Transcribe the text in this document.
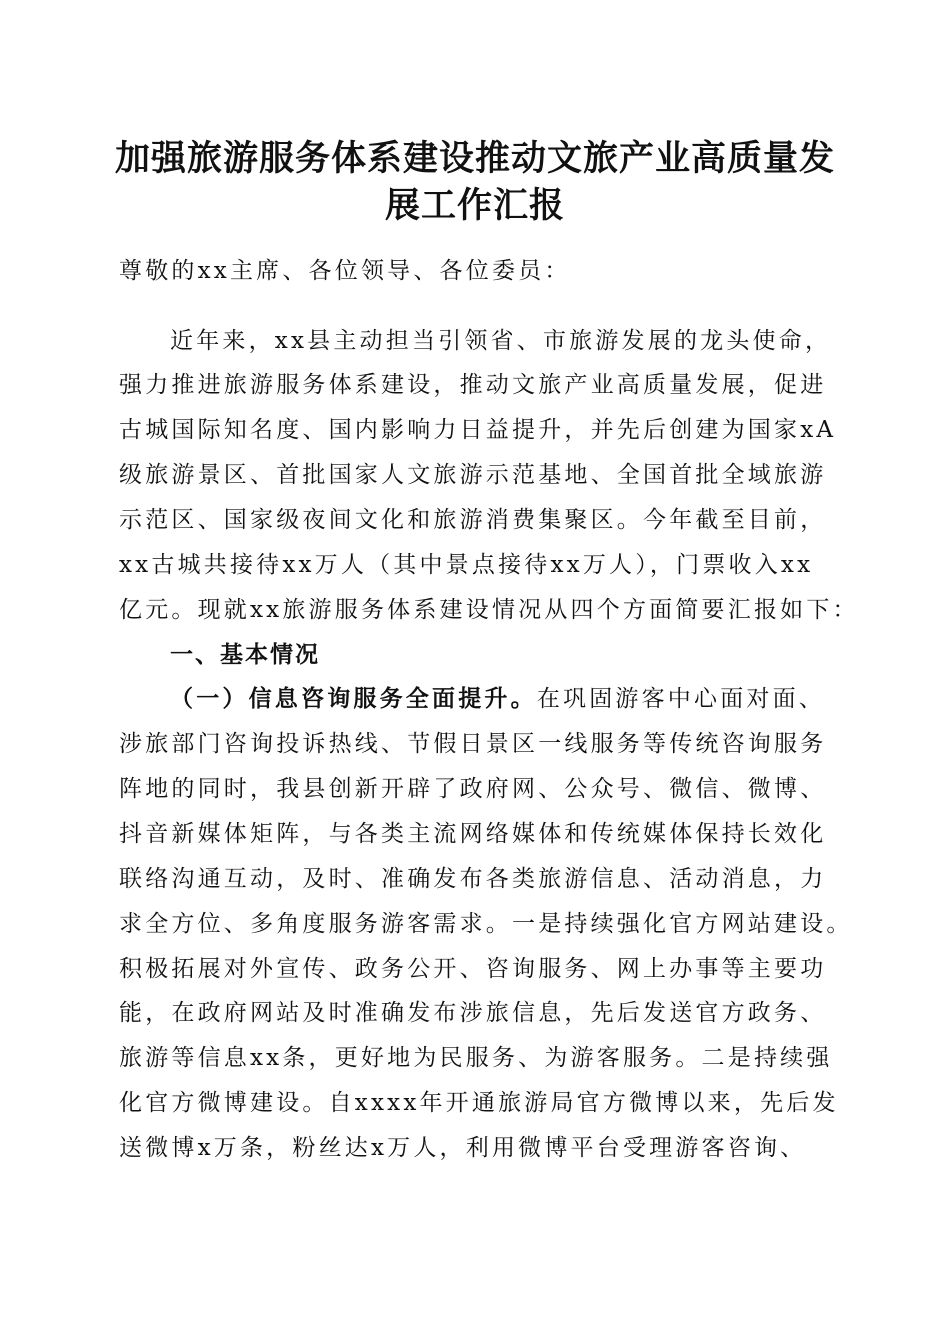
加强旅游服务体系建设推动文旅产业高质量发
展工作汇报

尊敬的xx主席、各位领导、各位委员：

近年来，xx县主动担当引领省、市旅游发展的龙头使命，

强力推进旅游服务体系建设，推动文旅产业高质量发展，促进

古城国际知名度、国内影响力日益提升，并先后创建为国家xA

级旅游景区、首批国家人文旅游示范基地、全国首批全域旅游

示范区、国家级夜间文化和旅游消费集聚区。今年截至目前，

xx古城共接待xx万人（其中景点接待xx万人），门票收入xx

亿元。现就xx旅游服务体系建设情况从四个方面简要汇报如下：

一、基本情况

（一）信息咨询服务全面提升。在巩固游客中心面对面、

涉旅部门咨询投诉热线、节假日景区一线服务等传统咨询服务

阵地的同时，我县创新开辟了政府网、公众号、微信、微博、

抖音新媒体矩阵，与各类主流网络媒体和传统媒体保持长效化

联络沟通互动，及时、准确发布各类旅游信息、活动消息，力

求全方位、多角度服务游客需求。一是持续强化官方网站建设。

积极拓展对外宣传、政务公开、咨询服务、网上办事等主要功

能，在政府网站及时准确发布涉旅信息，先后发送官方政务、

旅游等信息xx条，更好地为民服务、为游客服务。二是持续强

化官方微博建设。自xxxx年开通旅游局官方微博以来，先后发

送微博x万条，粉丝达x万人，利用微博平台受理游客咨询、
